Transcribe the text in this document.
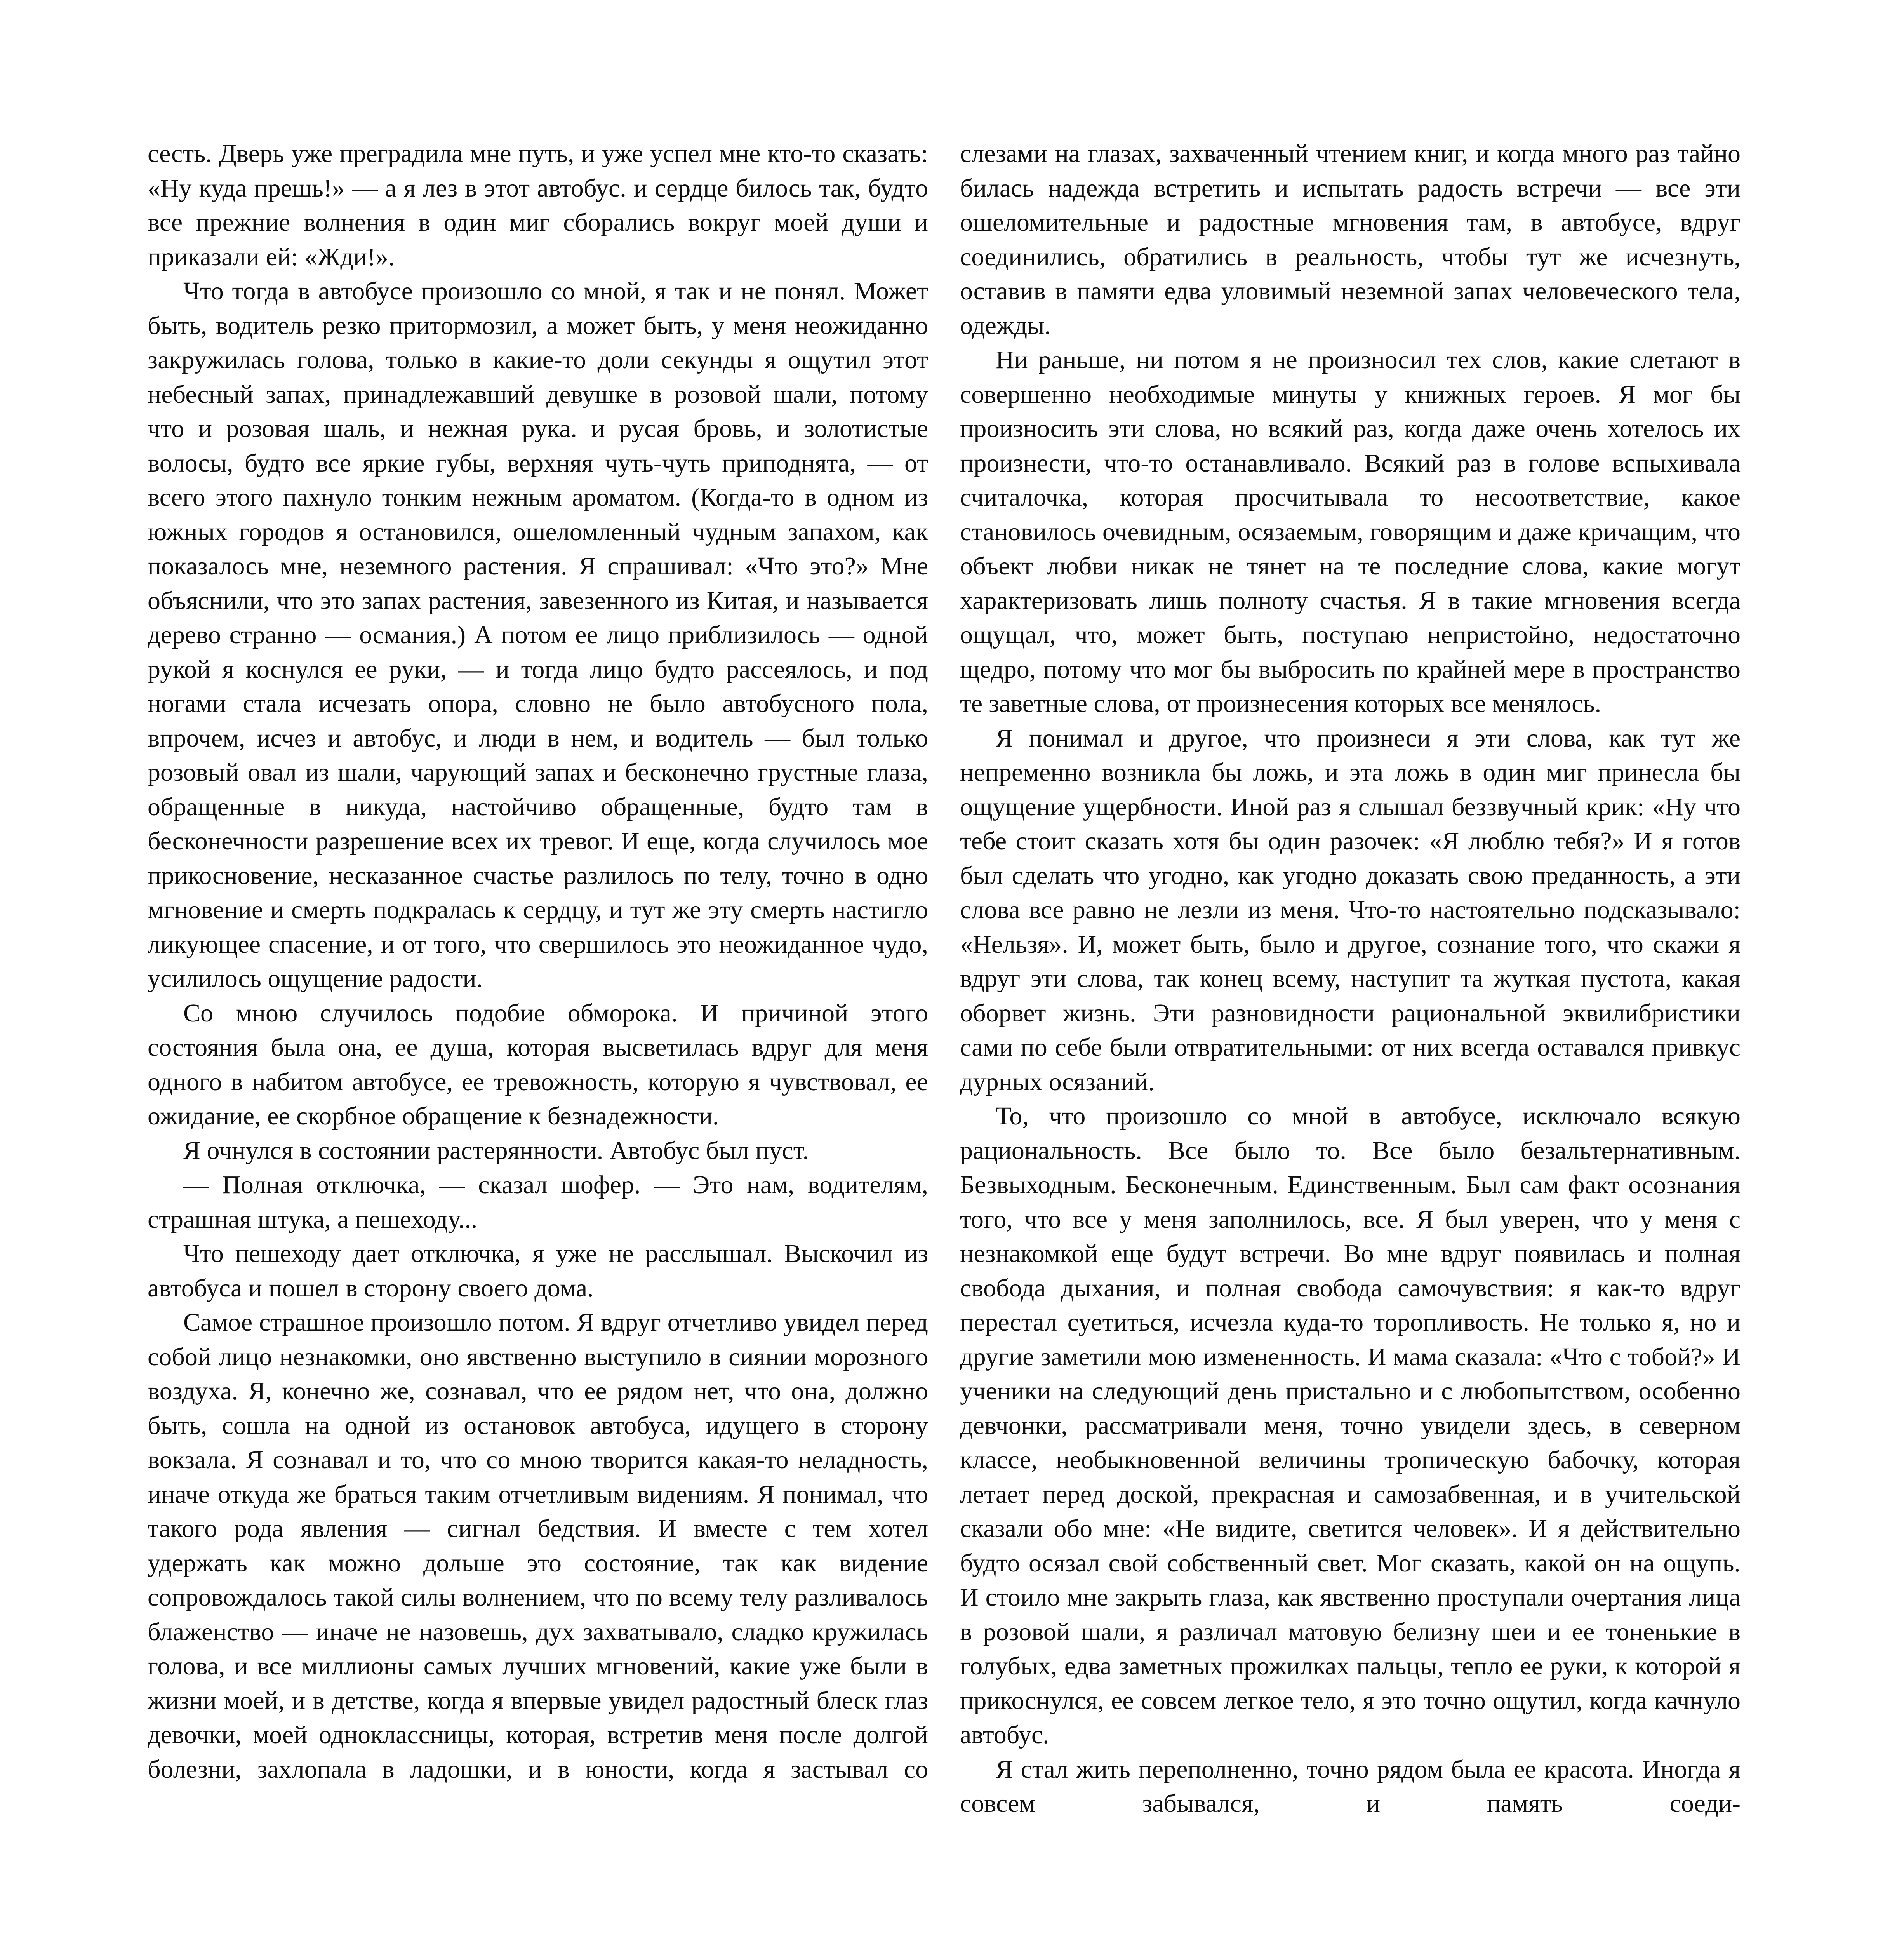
сесть. Дверь уже преградила мне путь, и уже успел мне кто-то сказать: «Ну куда прешь!» — а я лез в этот автобус. и сердце билось так, будто все прежние волнения в один миг сборались вокруг моей души и приказали ей: «Жди!».

Что тогда в автобусе произошло со мной, я так и не понял. Может быть, водитель резко притормозил, а может быть, у меня неожиданно закружилась голова, только в какие-то доли секунды я ощутил этот небесный запах, принадлежавший девушке в розовой шали, потому что и розовая шаль, и нежная рука. и русая бровь, и золотистые волосы, будто все яркие губы, верхняя чуть-чуть приподнята, — от всего этого пахнуло тонким нежным ароматом. (Когда-то в одном из южных городов я остановился, ошеломленный чудным запахом, как показалось мне, неземного растения. Я спрашивал: «Что это?» Мне объяснили, что это запах растения, завезенного из Китая, и называется дерево странно — османия.) А потом ее лицо приблизилось — одной рукой я коснулся ее руки, — и тогда лицо будто рассеялось, и под ногами стала исчезать опора, словно не было автобусного пола, впрочем, исчез и автобус, и люди в нем, и водитель — был только розовый овал из шали, чарующий запах и бесконечно грустные глаза, обращенные в никуда, настойчиво обращенные, будто там в бесконечности разрешение всех их тревог. И еще, когда случилось мое прикосновение, несказанное счастье разлилось по телу, точно в одно мгновение и смерть подкралась к сердцу, и тут же эту смерть настигло ликующее спасение, и от того, что свершилось это неожиданное чудо, усилилось ощущение радости.

Со мною случилось подобие обморока. И причиной этого состояния была она, ее душа, которая высветилась вдруг для меня одного в набитом автобусе, ее тревожность, которую я чувствовал, ее ожидание, ее скорбное обращение к безнадежности.

Я очнулся в состоянии растерянности. Автобус был пуст.

— Полная отключка, — сказал шофер. — Это нам, водителям, страшная штука, а пешеходу...

Что пешеходу дает отключка, я уже не расслышал. Выскочил из автобуса и пошел в сторону своего дома.

Самое страшное произошло потом. Я вдруг отчетливо увидел перед собой лицо незнакомки, оно явственно выступило в сиянии морозного воздуха. Я, конечно же, сознавал, что ее рядом нет, что она, должно быть, сошла на одной из остановок автобуса, идущего в сторону вокзала. Я сознавал и то, что со мною творится какая-то неладность, иначе откуда же браться таким отчетливым видениям. Я понимал, что такого рода явления — сигнал бедствия. И вместе с тем хотел удержать как можно дольше это состояние, так как видение сопровождалось такой силы волнением, что по всему телу разливалось блаженство — иначе не назовешь, дух захватывало, сладко кружилась голова, и все миллионы самых лучших мгновений, какие уже были в жизни моей, и в детстве, когда я впервые увидел радостный блеск глаз девочки, моей одноклассницы, которая, встретив меня после долгой болезни, захлопала в ладошки, и в юности, когда я застывал со

слезами на глазах, захваченный чтением книг, и когда много раз тайно билась надежда встретить и испытать радость встречи — все эти ошеломительные и радостные мгновения там, в автобусе, вдруг соединились, обратились в реальность, чтобы тут же исчезнуть, оставив в памяти едва уловимый неземной запах человеческого тела, одежды.

Ни раньше, ни потом я не произносил тех слов, какие слетают в совершенно необходимые минуты у книжных героев. Я мог бы произносить эти слова, но всякий раз, когда даже очень хотелось их произнести, что-то останавливало. Всякий раз в голове вспыхивала считалочка, которая просчитывала то несоответствие, какое становилось очевидным, осязаемым, говорящим и даже кричащим, что объект любви никак не тянет на те последние слова, какие могут характеризовать лишь полноту счастья. Я в такие мгновения всегда ощущал, что, может быть, поступаю непристойно, недостаточно щедро, потому что мог бы выбросить по крайней мере в пространство те заветные слова, от произнесения которых все менялось.

Я понимал и другое, что произнеси я эти слова, как тут же непременно возникла бы ложь, и эта ложь в один миг принесла бы ощущение ущербности. Иной раз я слышал беззвучный крик: «Ну что тебе стоит сказать хотя бы один разочек: «Я люблю тебя?» И я готов был сделать что угодно, как угодно доказать свою преданность, а эти слова все равно не лезли из меня. Что-то настоятельно подсказывало: «Нельзя». И, может быть, было и другое, сознание того, что скажи я вдруг эти слова, так конец всему, наступит та жуткая пустота, какая оборвет жизнь. Эти разновидности рациональной эквилибристики сами по себе были отвратительными: от них всегда оставался привкус дурных осязаний.

То, что произошло со мной в автобусе, исключало всякую рациональность. Все было то. Все было безальтернативным. Безвыходным. Бесконечным. Единственным. Был сам факт осознания того, что все у меня заполнилось, все. Я был уверен, что у меня с незнакомкой еще будут встречи. Во мне вдруг появилась и полная свобода дыхания, и полная свобода самочувствия: я как-то вдруг перестал суетиться, исчезла куда-то торопливость. Не только я, но и другие заметили мою измененность. И мама сказала: «Что с тобой?» И ученики на следующий день пристально и с любопытством, особенно девчонки, рассматривали меня, точно увидели здесь, в северном классе, необыкновенной величины тропическую бабочку, которая летает перед доской, прекрасная и самозабвенная, и в учительской сказали обо мне: «Не видите, светится человек». И я действительно будто осязал свой собственный свет. Мог сказать, какой он на ощупь. И стоило мне закрыть глаза, как явственно проступали очертания лица в розовой шали, я различал матовую белизну шеи и ее тоненькие в голубых, едва заметных прожилках пальцы, тепло ее руки, к которой я прикоснулся, ее совсем легкое тело, я это точно ощутил, когда качнуло автобус.

Я стал жить переполненно, точно рядом была ее красота. Иногда я совсем забывался, и память соеди-
